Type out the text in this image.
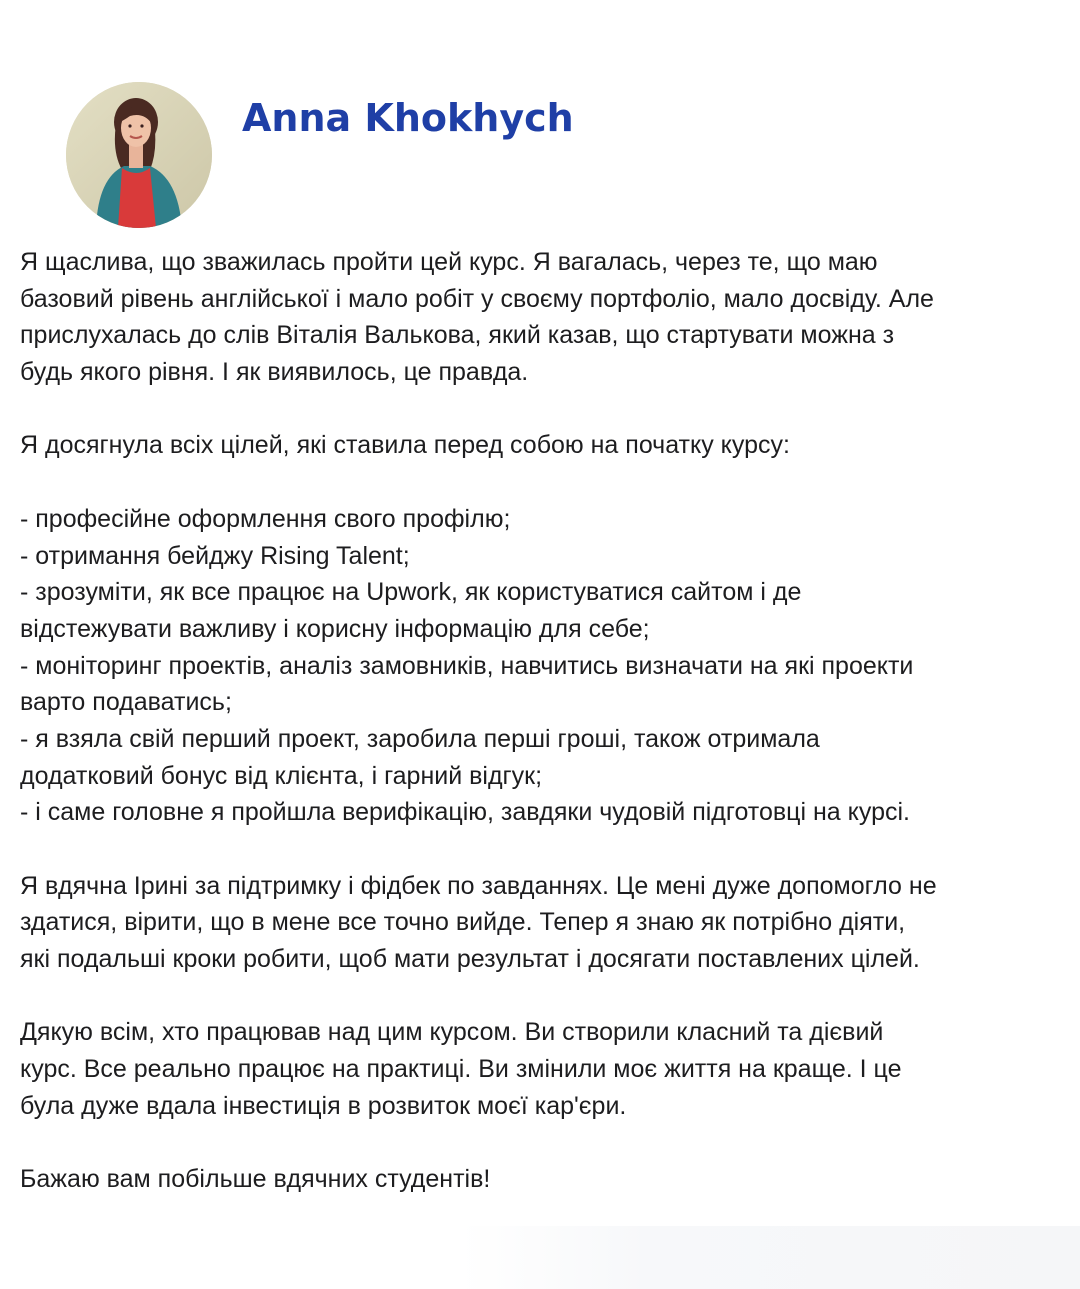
Anna Khokhych
Я щаслива, що зважилась пройти цей курс. Я вагалась, через те, що маю
базовий рівень англійської і мало робіт у своєму портфоліо, мало досвіду. Але
прислухалась до слів Віталія Валькова, який казав, що стартувати можна з
будь якого рівня. І як виявилось, це правда.
Я досягнула всіх цілей, які ставила перед собою на початку курсу:
- професійне оформлення свого профілю;
- отримання бейджу Rising Talent;
- зрозуміти, як все працює на Upwork, як користуватися сайтом і де
відстежувати важливу і корисну інформацію для себе;
- моніторинг проектів, аналіз замовників, навчитись визначати на які проекти
варто подаватись;
- я взяла свій перший проект, заробила перші гроші, також отримала
додатковий бонус від клієнта, і гарний відгук;
- і саме головне я пройшла верифікацію, завдяки чудовій підготовці на курсі.
Я вдячна Ірині за підтримку і фідбек по завданнях. Це мені дуже допомогло не
здатися, вірити, що в мене все точно вийде. Тепер я знаю як потрібно діяти,
які подальші кроки робити, щоб мати результат і досягати поставлених цілей.
Дякую всім, хто працював над цим курсом. Ви створили класний та дієвий
курс. Все реально працює на практиці. Ви змінили моє життя на краще. І це
була дуже вдала інвестиція в розвиток моєї кар'єри.
Бажаю вам побільше вдячних студентів!
